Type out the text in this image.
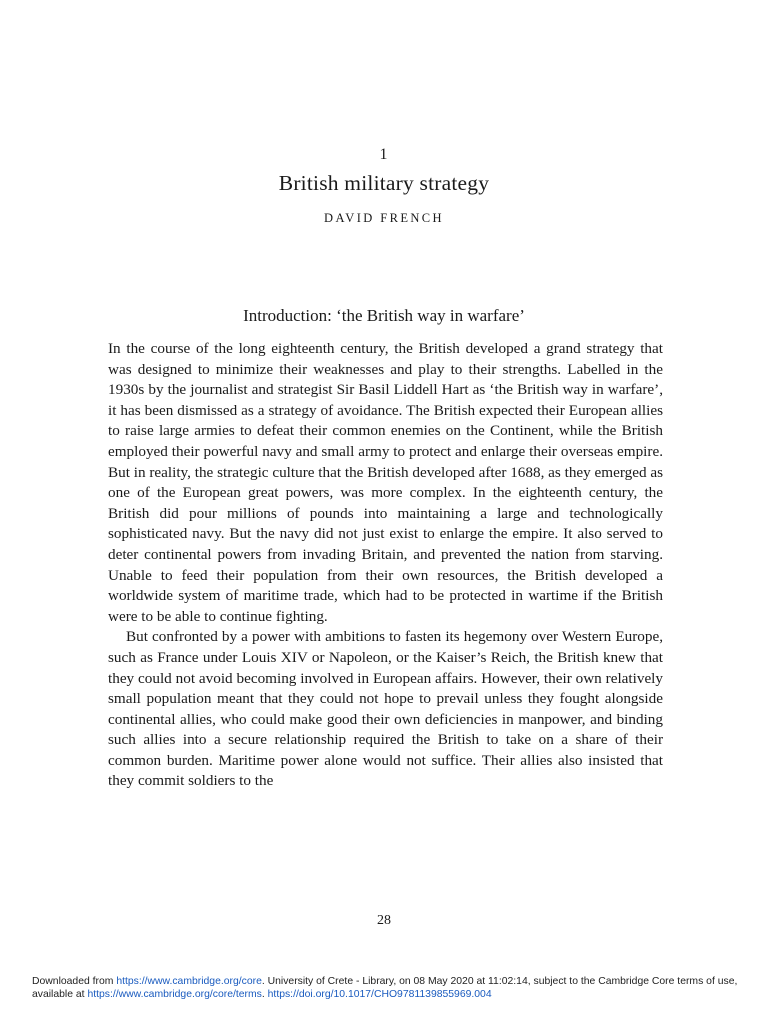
1
British military strategy
DAVID FRENCH
Introduction: ‘the British way in warfare’

In the course of the long eighteenth century, the British developed a grand strategy that was designed to minimize their weaknesses and play to their strengths. Labelled in the 1930s by the journalist and strategist Sir Basil Liddell Hart as ‘the British way in warfare’, it has been dismissed as a strategy of avoidance. The British expected their European allies to raise large armies to defeat their common enemies on the Continent, while the British employed their powerful navy and small army to protect and enlarge their overseas empire. But in reality, the strategic culture that the British developed after 1688, as they emerged as one of the European great powers, was more complex. In the eighteenth century, the British did pour millions of pounds into maintaining a large and technologically sophisticated navy. But the navy did not just exist to enlarge the empire. It also served to deter continental powers from invading Britain, and prevented the nation from starving. Unable to feed their population from their own resources, the British developed a worldwide system of maritime trade, which had to be protected in wartime if the British were to be able to continue fighting.

But confronted by a power with ambitions to fasten its hegemony over Western Europe, such as France under Louis XIV or Napoleon, or the Kaiser’s Reich, the British knew that they could not avoid becoming involved in European affairs. However, their own relatively small population meant that they could not hope to prevail unless they fought alongside continental allies, who could make good their own deficiencies in manpower, and binding such allies into a secure relationship required the British to take on a share of their common burden. Maritime power alone would not suffice. Their allies also insisted that they commit soldiers to the

28
Downloaded from https://www.cambridge.org/core. University of Crete - Library, on 08 May 2020 at 11:02:14, subject to the Cambridge Core terms of use, available at https://www.cambridge.org/core/terms. https://doi.org/10.1017/CHO9781139855969.004
